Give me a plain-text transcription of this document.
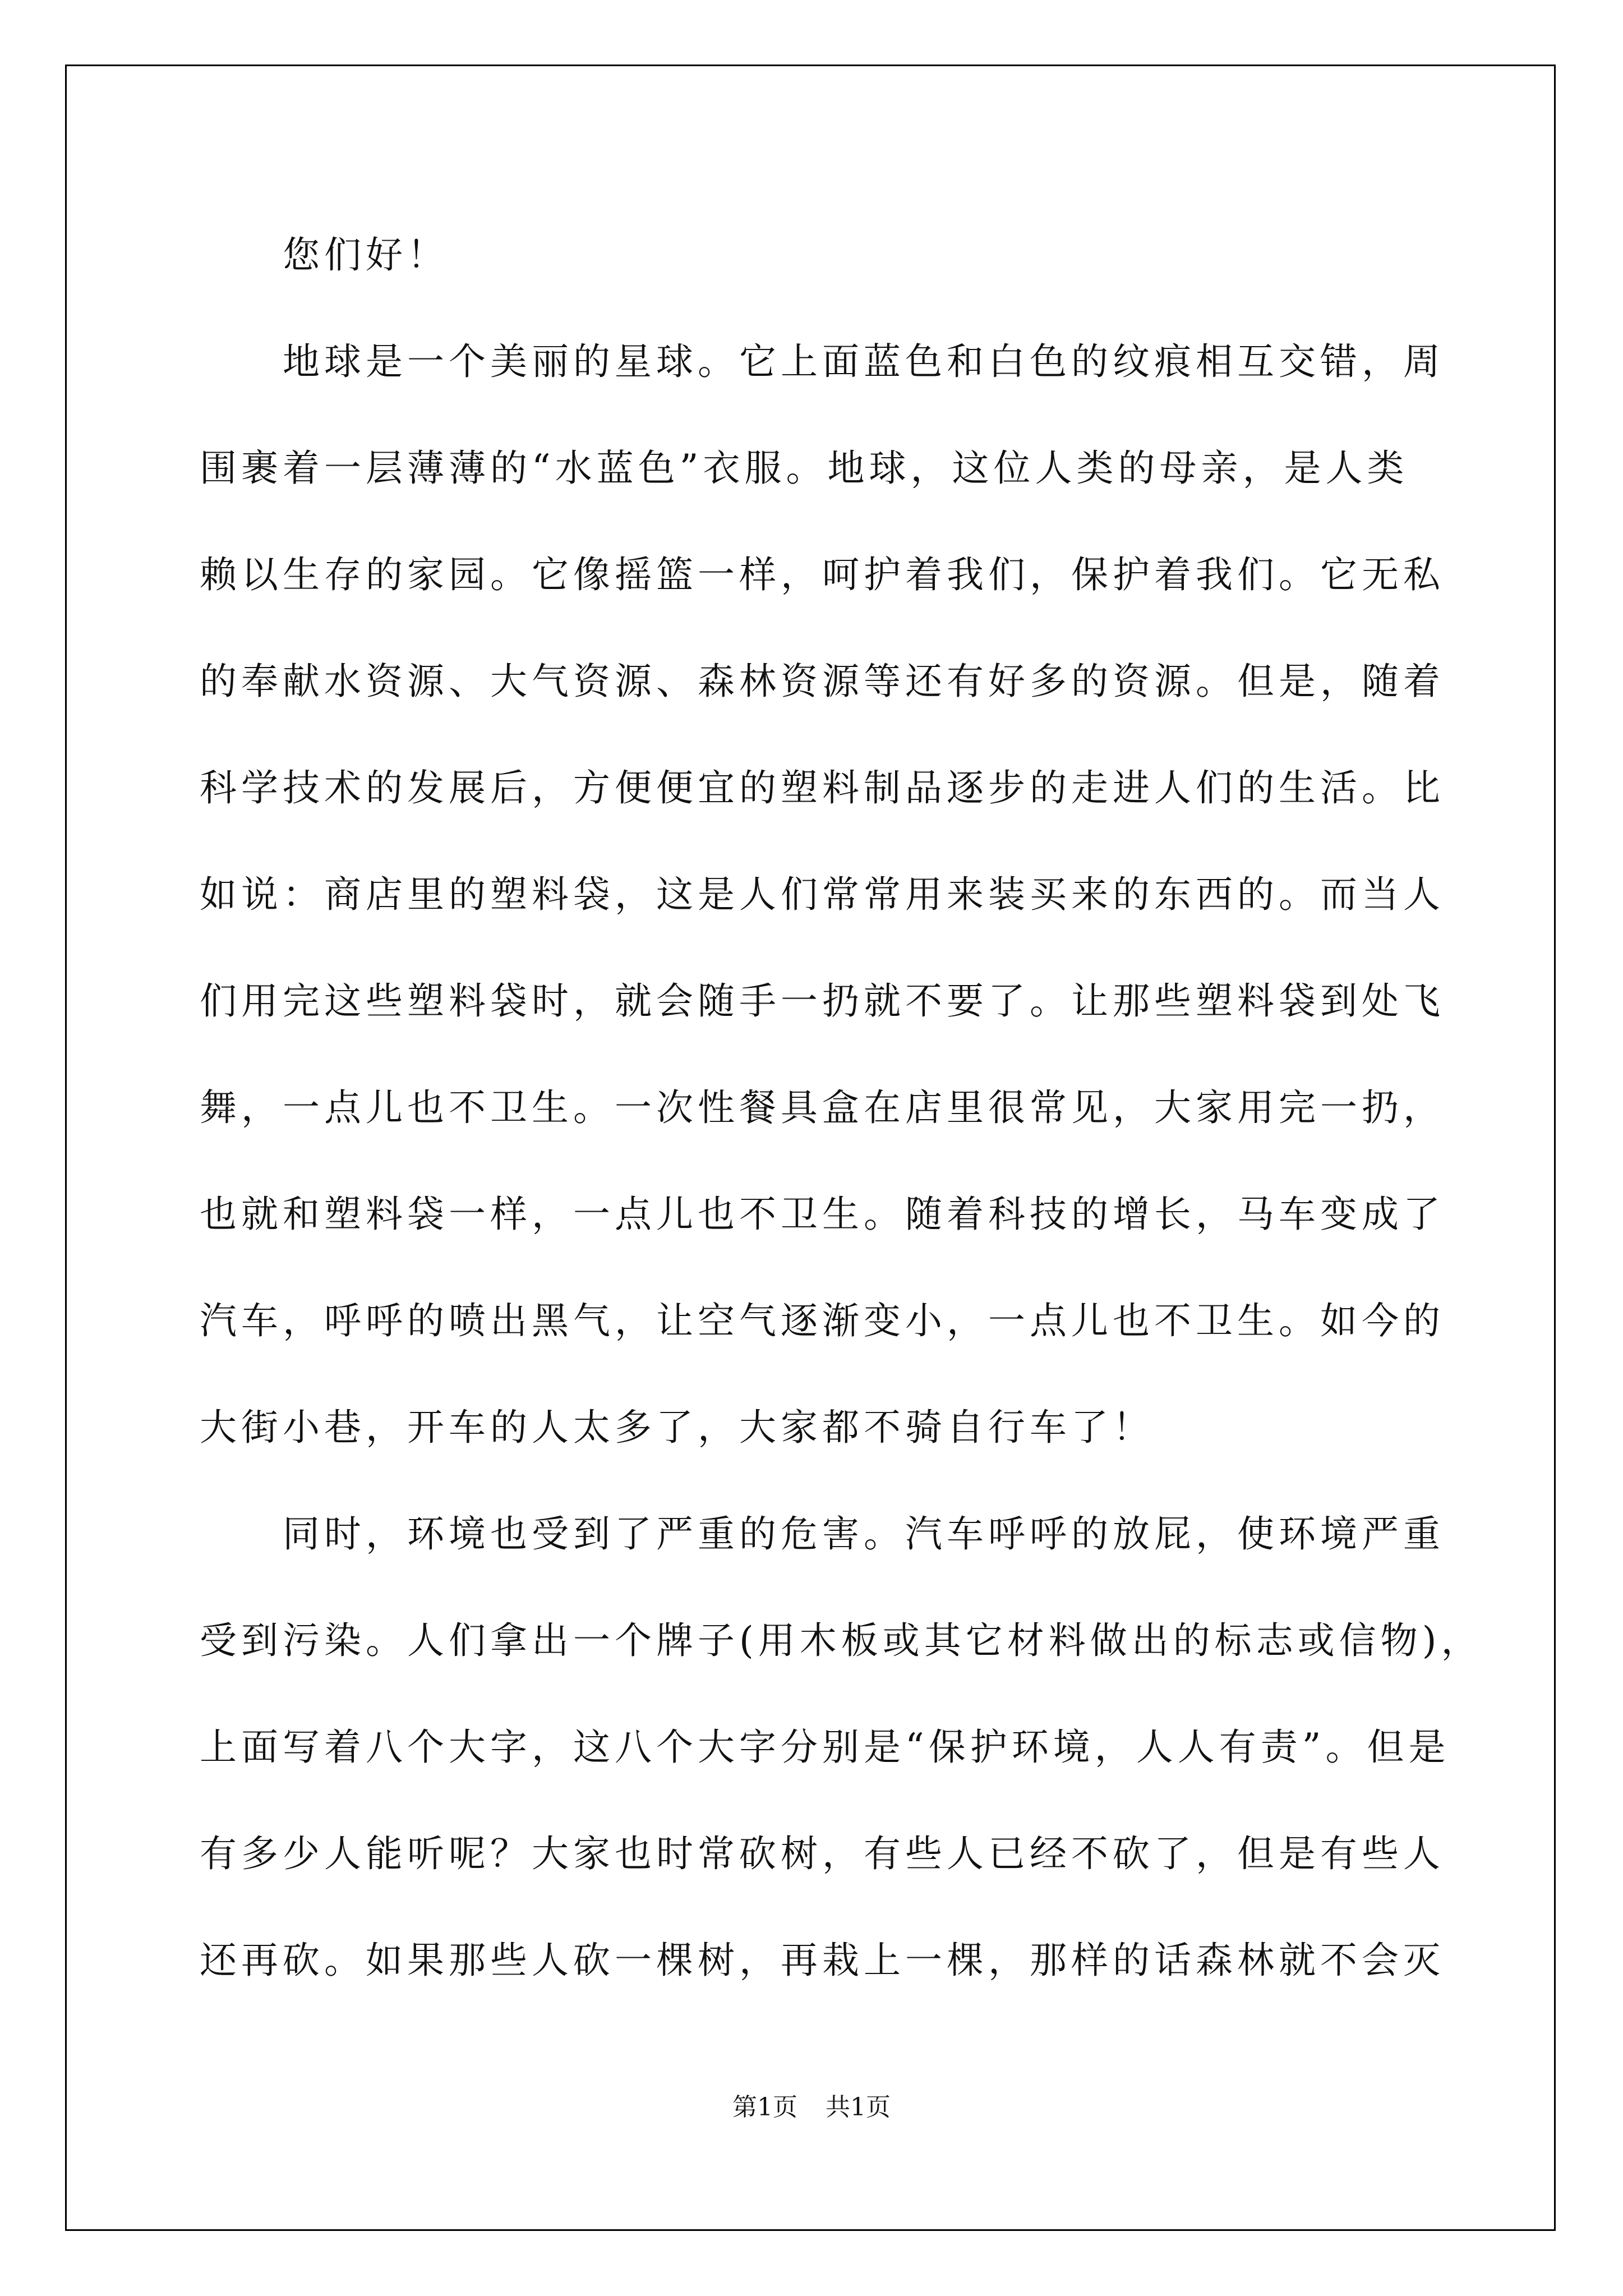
您们好！
地球是一个美丽的星球。它上面蓝色和白色的纹痕相互交错，周
围裹着一层薄薄的“水蓝色”衣服。地球，这位人类的母亲，是人类
赖以生存的家园。它像摇篮一样，呵护着我们，保护着我们。它无私
的奉献水资源、大气资源、森林资源等还有好多的资源。但是，随着
科学技术的发展后，方便便宜的塑料制品逐步的走进人们的生活。比
如说：商店里的塑料袋，这是人们常常用来装买来的东西的。而当人
们用完这些塑料袋时，就会随手一扔就不要了。让那些塑料袋到处飞
舞，一点儿也不卫生。一次性餐具盒在店里很常见，大家用完一扔，
也就和塑料袋一样，一点儿也不卫生。随着科技的增长，马车变成了
汽车，呼呼的喷出黑气，让空气逐渐变小，一点儿也不卫生。如今的
大街小巷，开车的人太多了，大家都不骑自行车了！
同时，环境也受到了严重的危害。汽车呼呼的放屁，使环境严重
受到污染。人们拿出一个牌子(用木板或其它材料做出的标志或信物)，
上面写着八个大字，这八个大字分别是“保护环境，人人有责”。但是
有多少人能听呢？大家也时常砍树，有些人已经不砍了，但是有些人
还再砍。如果那些人砍一棵树，再栽上一棵，那样的话森林就不会灭
第1页 共1页
